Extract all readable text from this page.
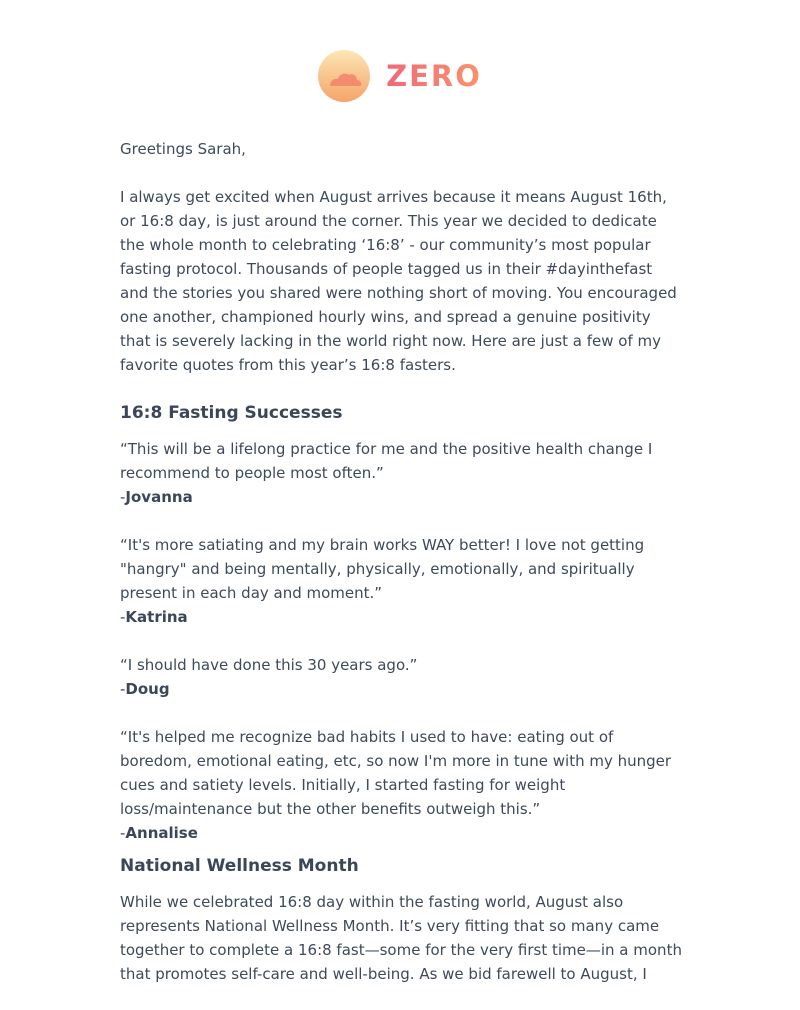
ZERO

Greetings Sarah,

I always get excited when August arrives because it means August 16th, or 16:8 day, is just around the corner. This year we decided to dedicate the whole month to celebrating ‘16:8’ - our community’s most popular fasting protocol. Thousands of people tagged us in their #dayinthefast and the stories you shared were nothing short of moving. You encouraged one another, championed hourly wins, and spread a genuine positivity that is severely lacking in the world right now. Here are just a few of my favorite quotes from this year’s 16:8 fasters.

16:8 Fasting Successes
“This will be a lifelong practice for me and the positive health change I recommend to people most often.”
-Jovanna
“It's more satiating and my brain works WAY better! I love not getting "hangry" and being mentally, physically, emotionally, and spiritually present in each day and moment.”
-Katrina
“I should have done this 30 years ago.”
-Doug
“It's helped me recognize bad habits I used to have: eating out of boredom, emotional eating, etc, so now I'm more in tune with my hunger cues and satiety levels. Initially, I started fasting for weight loss/maintenance but the other benefits outweigh this.”
-Annalise
National Wellness Month

While we celebrated 16:8 day within the fasting world, August also represents National Wellness Month. It’s very fitting that so many came together to complete a 16:8 fast—some for the very first time—in a month that promotes self-care and well-being. As we bid farewell to August, I
